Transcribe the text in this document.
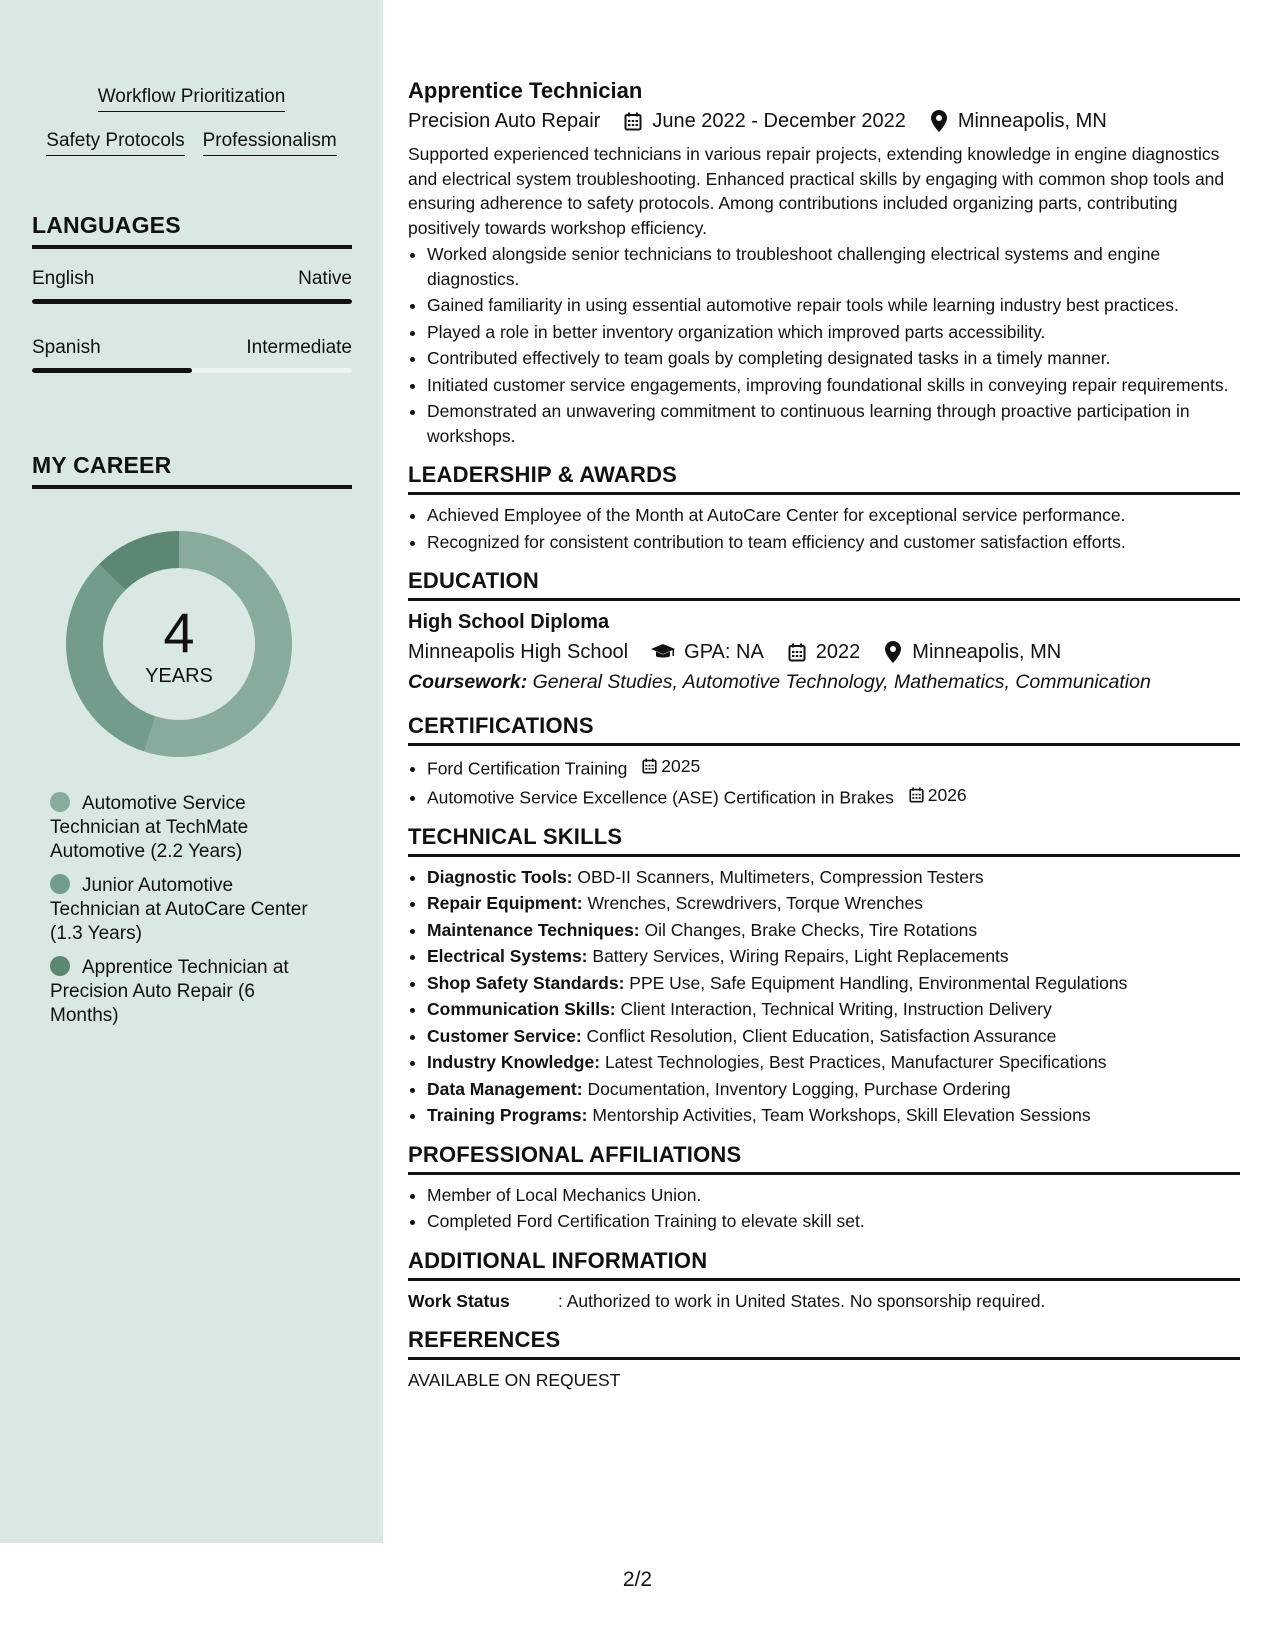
Workflow Prioritization
Safety Protocols Professionalism
LANGUAGES
English	Native
Spanish	Intermediate
MY CAREER
4
YEARS
Automotive Service Technician at TechMate Automotive (2.2 Years)
Junior Automotive Technician at AutoCare Center (1.3 Years)
Apprentice Technician at Precision Auto Repair (6 Months)
Apprentice Technician
Precision Auto Repair	June 2022 - December 2022	Minneapolis, MN
Supported experienced technicians in various repair projects, extending knowledge in engine diagnostics and electrical system troubleshooting. Enhanced practical skills by engaging with common shop tools and ensuring adherence to safety protocols. Among contributions included organizing parts, contributing positively towards workshop efficiency.
• Worked alongside senior technicians to troubleshoot challenging electrical systems and engine diagnostics.
• Gained familiarity in using essential automotive repair tools while learning industry best practices.
• Played a role in better inventory organization which improved parts accessibility.
• Contributed effectively to team goals by completing designated tasks in a timely manner.
• Initiated customer service engagements, improving foundational skills in conveying repair requirements.
• Demonstrated an unwavering commitment to continuous learning through proactive participation in workshops.
LEADERSHIP & AWARDS
• Achieved Employee of the Month at AutoCare Center for exceptional service performance.
• Recognized for consistent contribution to team efficiency and customer satisfaction efforts.
EDUCATION
High School Diploma
Minneapolis High School	GPA: NA	2022	Minneapolis, MN
Coursework: General Studies, Automotive Technology, Mathematics, Communication
CERTIFICATIONS
• Ford Certification Training 2025
• Automotive Service Excellence (ASE) Certification in Brakes 2026
TECHNICAL SKILLS
• Diagnostic Tools: OBD-II Scanners, Multimeters, Compression Testers
• Repair Equipment: Wrenches, Screwdrivers, Torque Wrenches
• Maintenance Techniques: Oil Changes, Brake Checks, Tire Rotations
• Electrical Systems: Battery Services, Wiring Repairs, Light Replacements
• Shop Safety Standards: PPE Use, Safe Equipment Handling, Environmental Regulations
• Communication Skills: Client Interaction, Technical Writing, Instruction Delivery
• Customer Service: Conflict Resolution, Client Education, Satisfaction Assurance
• Industry Knowledge: Latest Technologies, Best Practices, Manufacturer Specifications
• Data Management: Documentation, Inventory Logging, Purchase Ordering
• Training Programs: Mentorship Activities, Team Workshops, Skill Elevation Sessions
PROFESSIONAL AFFILIATIONS
• Member of Local Mechanics Union.
• Completed Ford Certification Training to elevate skill set.
ADDITIONAL INFORMATION
Work Status	: Authorized to work in United States. No sponsorship required.
REFERENCES
AVAILABLE ON REQUEST
2/2
